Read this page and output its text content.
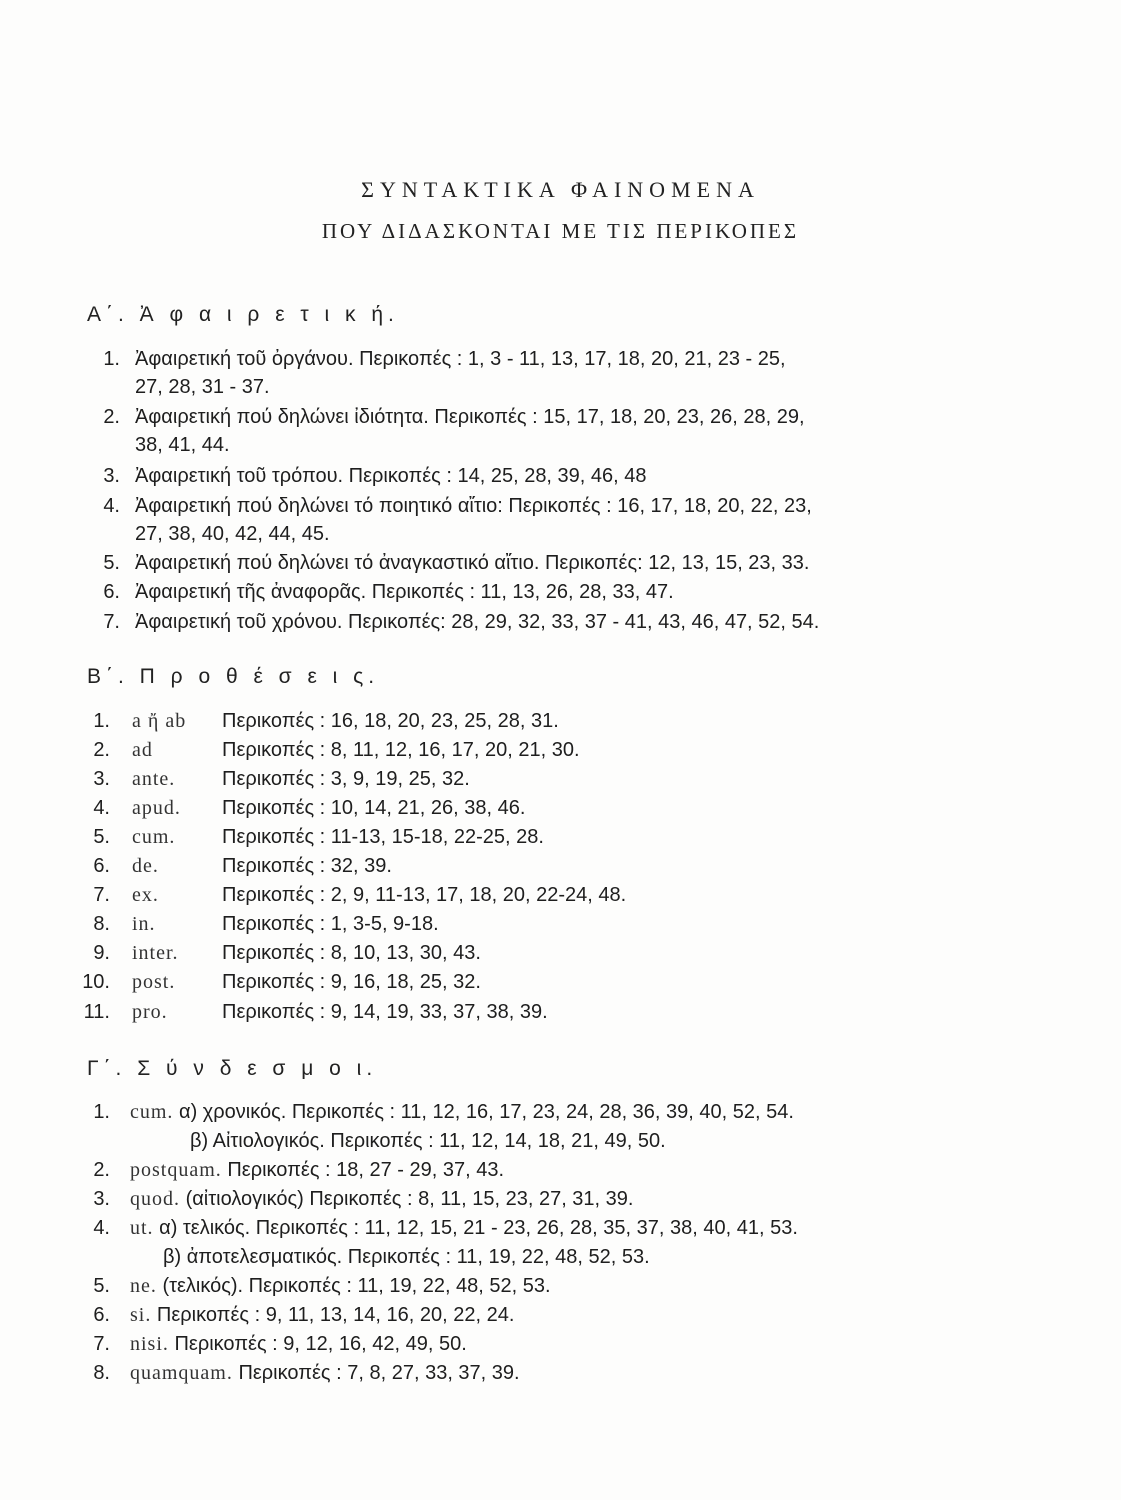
ΣΥΝΤΑΚΤΙΚΑ ΦΑΙΝΟΜΕΝΑ
ΠΟΥ ΔΙΔΑΣΚΟΝΤΑΙ ΜΕ ΤΙΣ ΠΕΡΙΚΟΠΕΣ
Α΄. Ἀ φ α ι ρ ε τ ι κ ή.
1. Ἀφαιρετική τοῦ ὀργάνου. Περικοπές : 1, 3 - 11, 13, 17, 18, 20, 21, 23 - 25,
27, 28, 31 - 37.
2. Ἀφαιρετική πού δηλώνει ἰδιότητα. Περικοπές : 15, 17, 18, 20, 23, 26, 28, 29,
38, 41, 44.
3. Ἀφαιρετική τοῦ τρόπου. Περικοπές : 14, 25, 28, 39, 46, 48
4. Ἀφαιρετική πού δηλώνει τό ποιητικό αἴτιο: Περικοπές : 16, 17, 18, 20, 22, 23,
27, 38, 40, 42, 44, 45.
5. Ἀφαιρετική πού δηλώνει τό ἀναγκαστικό αἴτιο. Περικοπές: 12, 13, 15, 23, 33.
6. Ἀφαιρετική τῆς ἀναφορᾶς. Περικοπές : 11, 13, 26, 28, 33, 47.
7. Ἀφαιρετική τοῦ χρόνου. Περικοπές: 28, 29, 32, 33, 37 - 41, 43, 46, 47, 52, 54.
Β΄. Π ρ ο θ έ σ ε ι ς.
1. a ἤ ab Περικοπές : 16, 18, 20, 23, 25, 28, 31.
2. ad	Περικοπές : 8, 11, 12, 16, 17, 20, 21, 30.
3. ante. Περικοπές : 3, 9, 19, 25, 32.
4. apud. Περικοπές : 10, 14, 21, 26, 38, 46.
5. cum. Περικοπές : 11-13, 15-18, 22-25, 28.
6. de.	Περικοπές : 32, 39.
7. ex.	Περικοπές : 2, 9, 11-13, 17, 18, 20, 22-24, 48.
8. in.	Περικοπές : 1, 3-5, 9-18.
9. inter. Περικοπές : 8, 10, 13, 30, 43.
10. post. Περικοπές : 9, 16, 18, 25, 32.
11. pro.	Περικοπές : 9, 14, 19, 33, 37, 38, 39.
Γ΄. Σ ύ ν δ ε σ μ ο ι.
1. cum. α) χρονικός. Περικοπές : 11, 12, 16, 17, 23, 24, 28, 36, 39, 40, 52, 54.
β) Αἰτιολογικός. Περικοπές : 11, 12, 14, 18, 21, 49, 50.
2. postquam. Περικοπές : 18, 27 - 29, 37, 43.
3. quod. (αἰτιολογικός) Περικοπές : 8, 11, 15, 23, 27, 31, 39.
4. ut. α) τελικός. Περικοπές : 11, 12, 15, 21 - 23, 26, 28, 35, 37, 38, 40, 41, 53.
β) ἀποτελεσματικός. Περικοπές : 11, 19, 22, 48, 52, 53.
5. ne. (τελικός). Περικοπές : 11, 19, 22, 48, 52, 53.
6. si. Περικοπές : 9, 11, 13, 14, 16, 20, 22, 24.
7. nisi. Περικοπές : 9, 12, 16, 42, 49, 50.
8. quamquam. Περικοπές : 7, 8, 27, 33, 37, 39.
